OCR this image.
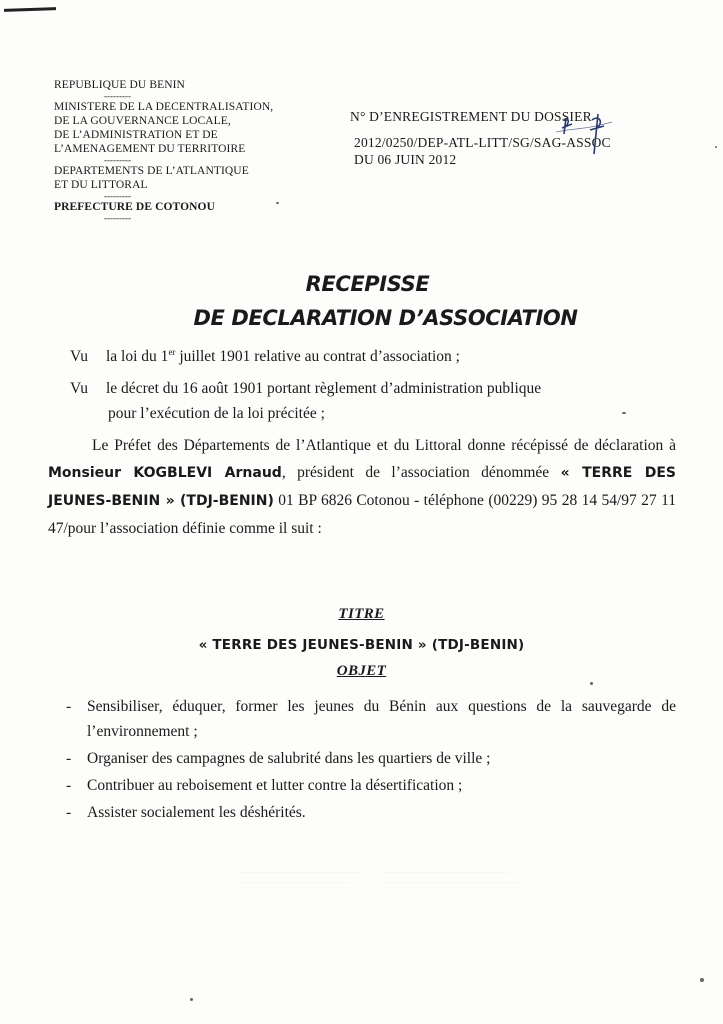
REPUBLIQUE DU BENIN
---------
MINISTERE DE LA DECENTRALISATION,
DE LA GOUVERNANCE LOCALE,
DE L’ADMINISTRATION ET DE
L’AMENAGEMENT DU TERRITOIRE
---------
DEPARTEMENTS DE L’ATLANTIQUE
ET DU LITTORAL
---------
PREFECTURE DE COTONOU
---------
N° D’ENREGISTREMENT DU DOSSIER
2012/0250/DEP-ATL-LITT/SG/SAG-ASSOC
DU 06 JUIN 2012
RECEPISSE
DE DECLARATION D’ASSOCIATION
Vu la loi du 1er juillet 1901 relative au contrat d’association ;
Vu le décret du 16 août 1901 portant règlement d’administration publique
pour l’exécution de la loi précitée ;
Le Préfet des Départements de l’Atlantique et du Littoral donne récépissé de déclaration à Monsieur KOGBLEVI Arnaud, président de l’association dénommée « TERRE DES JEUNES-BENIN » (TDJ-BENIN) 01 BP 6826 Cotonou - téléphone (00229) 95 28 14 54/97 27 11 47/pour l’association définie comme il suit :
TITRE
« TERRE DES JEUNES-BENIN » (TDJ-BENIN)
OBJET
- Sensibiliser, éduquer, former les jeunes du Bénin aux questions de la sauvegarde de l’environnement ;
- Organiser des campagnes de salubrité dans les quartiers de ville ;
- Contribuer au reboisement et lutter contre la désertification ;
- Assister socialement les déshérités.
